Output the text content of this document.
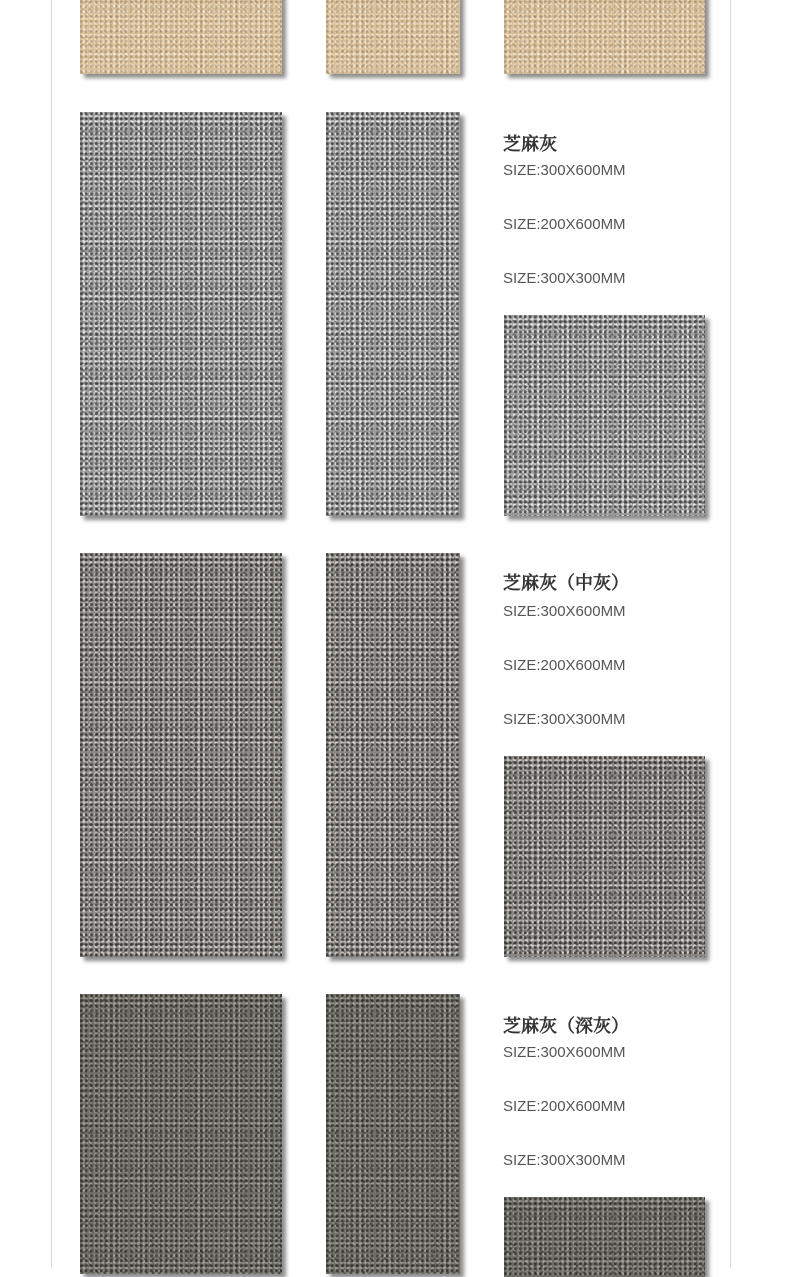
芝麻灰
SIZE:300X600MM
SIZE:200X600MM
SIZE:300X300MM
芝麻灰（中灰）
SIZE:300X600MM
SIZE:200X600MM
SIZE:300X300MM
芝麻灰（深灰）
SIZE:300X600MM
SIZE:200X600MM
SIZE:300X300MM
